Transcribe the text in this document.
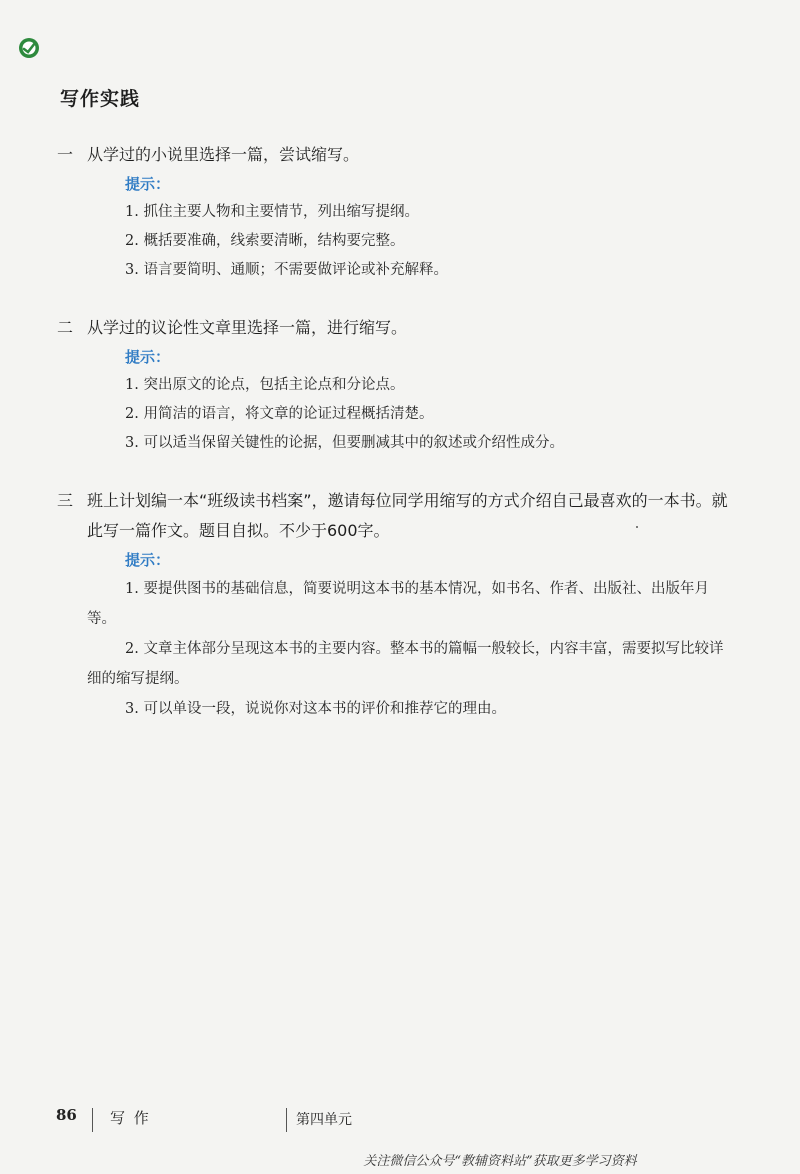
写作实践
一 从学过的小说里选择一篇，尝试缩写。
提示：
1. 抓住主要人物和主要情节，列出缩写提纲。
2. 概括要准确，线索要清晰，结构要完整。
3. 语言要简明、通顺；不需要做评论或补充解释。
二 从学过的议论性文章里选择一篇，进行缩写。
提示：
1. 突出原文的论点，包括主论点和分论点。
2. 用简洁的语言，将文章的论证过程概括清楚。
3. 可以适当保留关键性的论据，但要删减其中的叙述或介绍性成分。
三 班上计划编一本“班级读书档案”，邀请每位同学用缩写的方式介绍自己最喜欢的一本书。就此写一篇作文。题目自拟。不少于600字。
提示：
1. 要提供图书的基础信息，简要说明这本书的基本情况，如书名、作者、出版社、出版年月等。
2. 文章主体部分呈现这本书的主要内容。整本书的篇幅一般较长，内容丰富，需要拟写比较详细的缩写提纲。
3. 可以单设一段，说说你对这本书的评价和推荐它的理由。
86 写 作	第四单元
关注微信公众号“教辅资料站”获取更多学习资料
